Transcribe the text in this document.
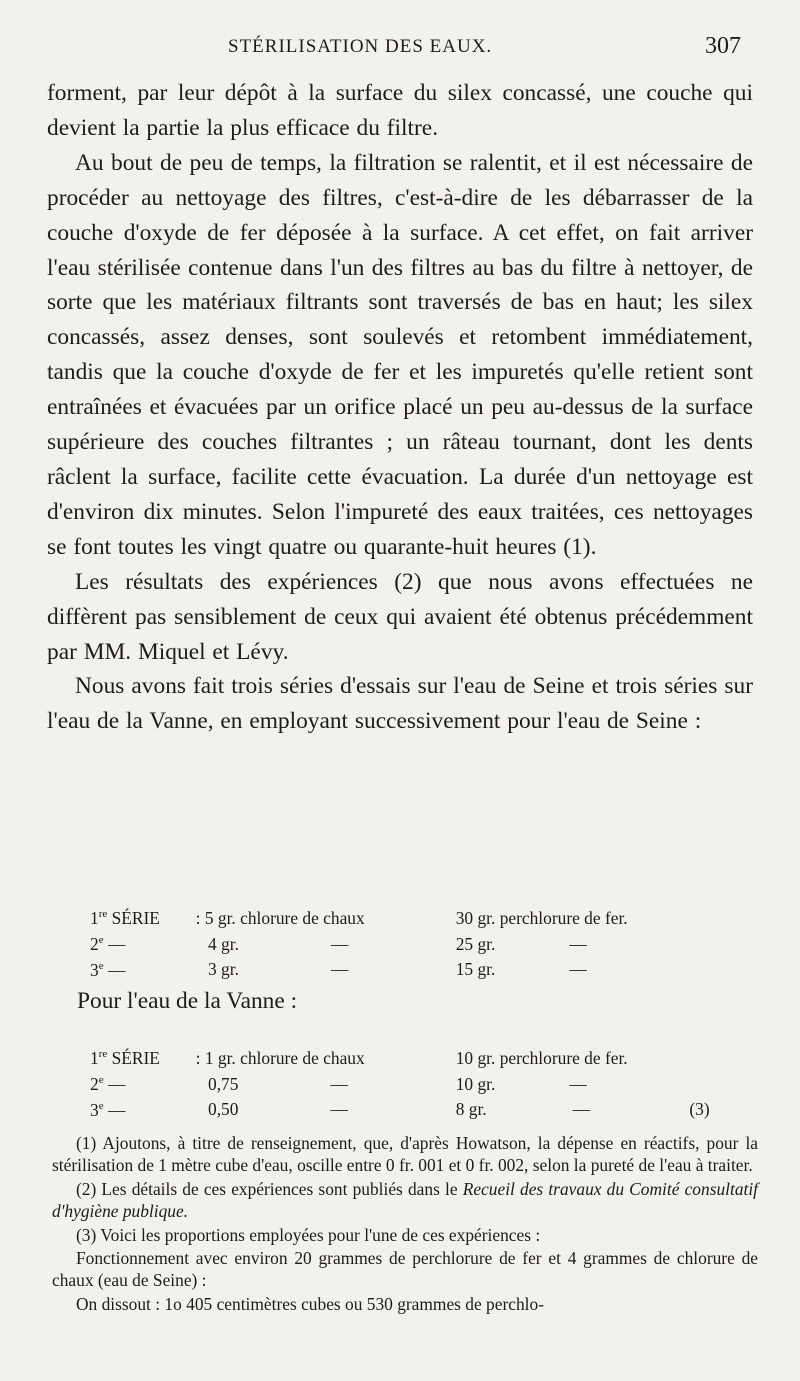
STÉRILISATION DES EAUX.	307

forment, par leur dépôt à la surface du silex concassé, une couche qui devient la partie la plus efficace du filtre.

Au bout de peu de temps, la filtration se ralentit, et il est nécessaire de procéder au nettoyage des filtres, c'est-à-dire de les débarrasser de la couche d'oxyde de fer déposée à la surface. A cet effet, on fait arriver l'eau stérilisée contenue dans l'un des filtres au bas du filtre à nettoyer, de sorte que les matériaux filtrants sont traversés de bas en haut; les silex concassés, assez denses, sont soulevés et retombent immédiatement, tandis que la couche d'oxyde de fer et les impuretés qu'elle retient sont entraînées et évacuées par un orifice placé un peu au-dessus de la surface supérieure des couches filtrantes ; un râteau tournant, dont les dents râclent la surface, facilite cette évacuation. La durée d'un nettoyage est d'environ dix minutes. Selon l'impureté des eaux traitées, ces nettoyages se font toutes les vingt quatre ou quarante-huit heures (1).

Les résultats des expériences (2) que nous avons effectuées ne diffèrent pas sensiblement de ceux qui avaient été obtenus précédemment par MM. Miquel et Lévy.

Nous avons fait trois séries d'essais sur l'eau de Seine et trois séries sur l'eau de la Vanne, en employant successivement pour l'eau de Seine :

1re SÉRIE	: 5 gr. chlorure de chaux	30 gr. perchlorure de fer.	
2e —	4 gr. —	25 gr. —	
3e —	3 gr. —	15 gr. —	

Pour l'eau de la Vanne :

1re SÉRIE	: 1 gr. chlorure de chaux	10 gr. perchlorure de fer.	
2e —	0,75 —	10 gr. —	
3e —	0,50 —	8 gr. —	(3)

(1) Ajoutons, à titre de renseignement, que, d'après Howatson, la dépense en réactifs, pour la stérilisation de 1 mètre cube d'eau, oscille entre 0 fr. 001 et 0 fr. 002, selon la pureté de l'eau à traiter.

(2) Les détails de ces expériences sont publiés dans le Recueil des travaux du Comité consultatif d'hygiène publique.

(3) Voici les proportions employées pour l'une de ces expériences :

Fonctionnement avec environ 20 grammes de perchlorure de fer et 4 grammes de chlorure de chaux (eau de Seine) :

On dissout : 1o 405 centimètres cubes ou 530 grammes de perchlo-
